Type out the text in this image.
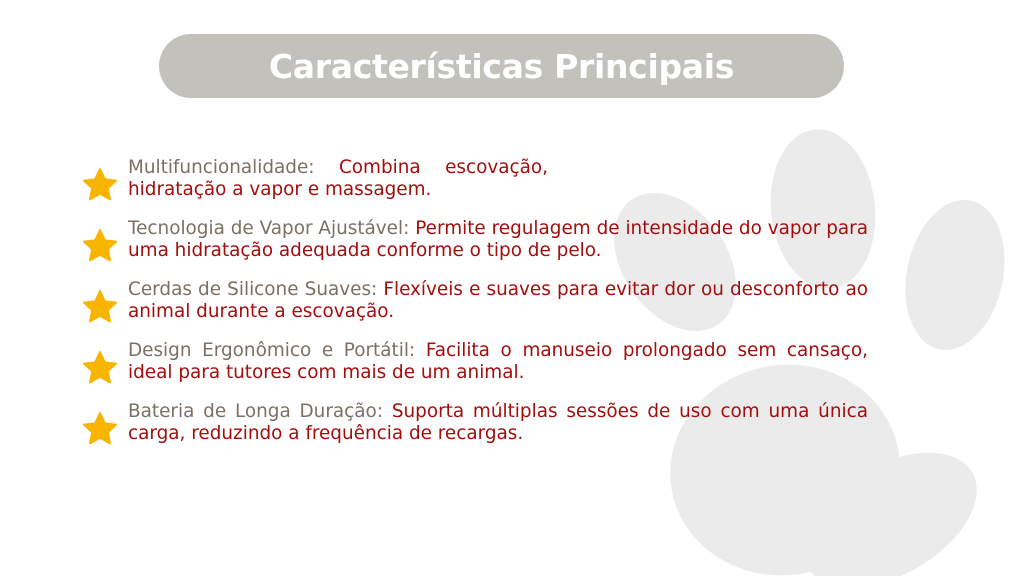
Características Principais
Multifuncionalidade: Combina escovação, hidratação a vapor e massagem.
Tecnologia de Vapor Ajustável: Permite regulagem de intensidade do vapor para uma hidratação adequada conforme o tipo de pelo.
Cerdas de Silicone Suaves: Flexíveis e suaves para evitar dor ou desconforto ao animal durante a escovação.
Design Ergonômico e Portátil: Facilita o manuseio prolongado sem cansaço, ideal para tutores com mais de um animal.
Bateria de Longa Duração: Suporta múltiplas sessões de uso com uma única carga, reduzindo a frequência de recargas.
